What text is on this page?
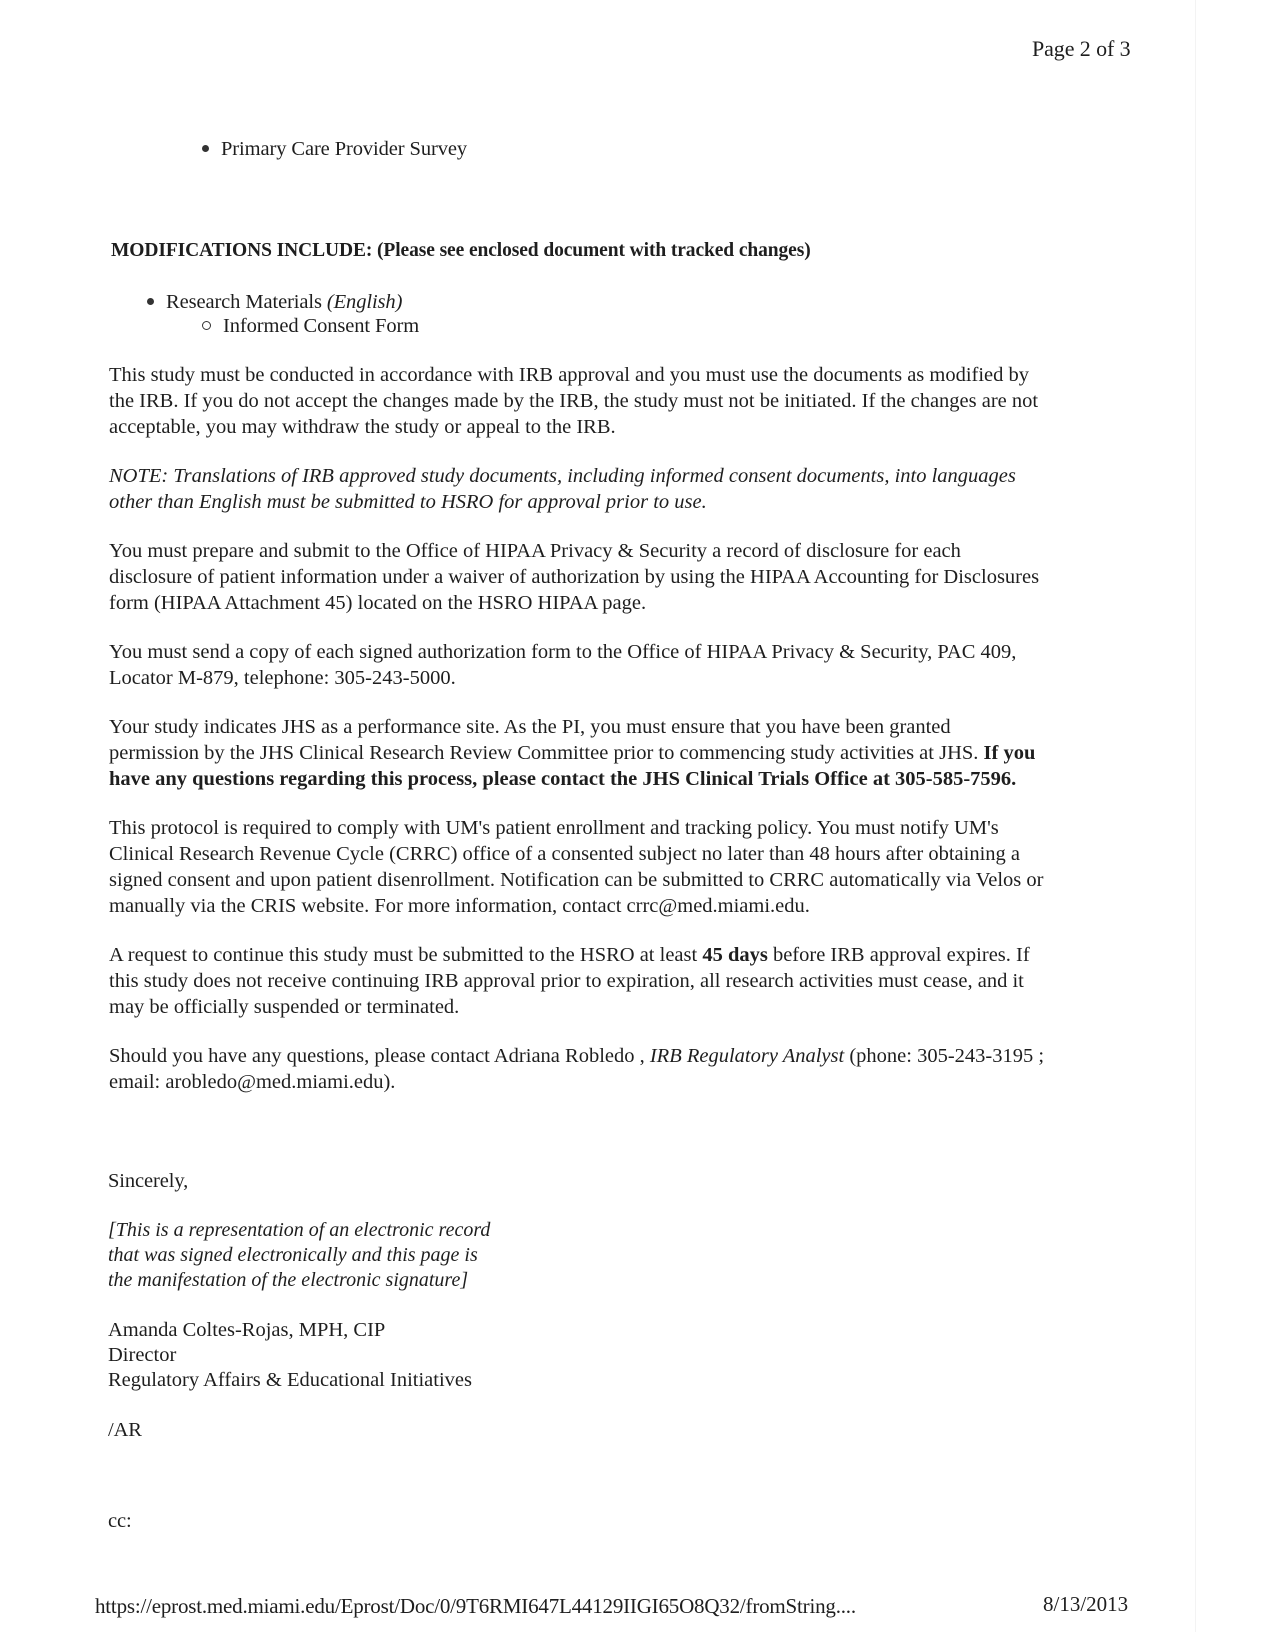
Page 2 of 3
Primary Care Provider Survey
MODIFICATIONS INCLUDE: (Please see enclosed document with tracked changes)
Research Materials (English)
Informed Consent Form
This study must be conducted in accordance with IRB approval and you must use the documents as modified by
the IRB. If you do not accept the changes made by the IRB, the study must not be initiated. If the changes are not
acceptable, you may withdraw the study or appeal to the IRB.
NOTE: Translations of IRB approved study documents, including informed consent documents, into languages
other than English must be submitted to HSRO for approval prior to use.
You must prepare and submit to the Office of HIPAA Privacy & Security a record of disclosure for each
disclosure of patient information under a waiver of authorization by using the HIPAA Accounting for Disclosures
form (HIPAA Attachment 45) located on the HSRO HIPAA page.
You must send a copy of each signed authorization form to the Office of HIPAA Privacy & Security, PAC 409,
Locator M-879, telephone: 305-243-5000.
Your study indicates JHS as a performance site. As the PI, you must ensure that you have been granted
permission by the JHS Clinical Research Review Committee prior to commencing study activities at JHS. If you
have any questions regarding this process, please contact the JHS Clinical Trials Office at 305-585-7596.
This protocol is required to comply with UM's patient enrollment and tracking policy. You must notify UM's
Clinical Research Revenue Cycle (CRRC) office of a consented subject no later than 48 hours after obtaining a
signed consent and upon patient disenrollment. Notification can be submitted to CRRC automatically via Velos or
manually via the CRIS website. For more information, contact crrc@med.miami.edu.
A request to continue this study must be submitted to the HSRO at least 45 days before IRB approval expires. If
this study does not receive continuing IRB approval prior to expiration, all research activities must cease, and it
may be officially suspended or terminated.
Should you have any questions, please contact Adriana Robledo , IRB Regulatory Analyst (phone: 305-243-3195 ;
email: arobledo@med.miami.edu).
Sincerely,
[This is a representation of an electronic record
that was signed electronically and this page is
the manifestation of the electronic signature]
Amanda Coltes-Rojas, MPH, CIP
Director
Regulatory Affairs & Educational Initiatives
/AR
cc:
https://eprost.med.miami.edu/Eprost/Doc/0/9T6RMI647L44129IIGI65O8Q32/fromString....	8/13/2013
